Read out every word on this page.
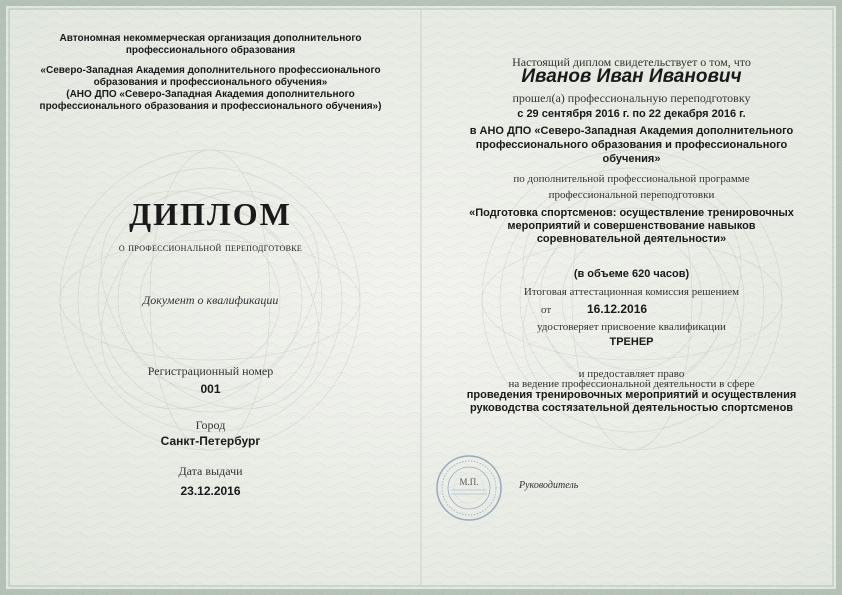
Автономная некоммерческая организация дополнительного

профессионального образования

«Северо-Западная Академия дополнительного профессионального

образования и профессионального обучения»

(АНО ДПО «Северо-Западная Академия дополнительного

профессионального образования и профессионального обучения»)

ДИПЛОМ

о профессиональной переподготовке

Документ о квалификации

Регистрационный номер

001

Город

Санкт-Петербург

Дата выдачи

23.12.2016

Настоящий диплом свидетельствует о том, что

Иванов Иван Иванович

прошел(а) профессиональную переподготовку

с 29 сентября 2016 г. по 22 декабря 2016 г.

в АНО ДПО «Северо-Западная Академия дополнительного

профессионального образования и профессионального

обучения»

по дополнительной профессиональной программе

профессиональной переподготовки

«Подготовка спортсменов: осуществление тренировочных

мероприятий и совершенствование навыков

соревновательной деятельности»

(в объеме 620 часов)

Итоговая аттестационная комиссия решением

от	16.12.2016

удостоверяет присвоение квалификации

ТРЕНЕР

и предоставляет право

на ведение профессиональной деятельности в сфере

проведения тренировочных мероприятий и осуществления

руководства состязательной деятельностью спортсменов

М.П.	Руководитель
